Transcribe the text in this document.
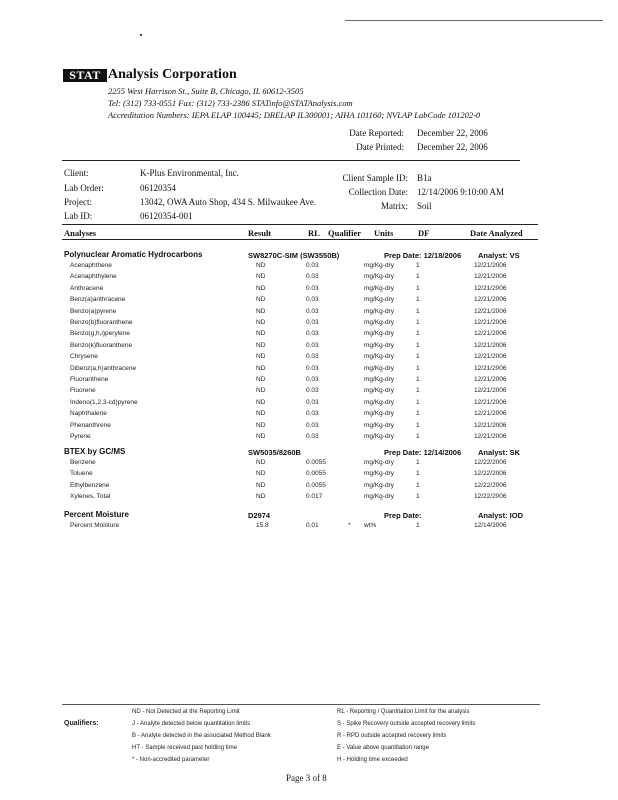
STAT Analysis Corporation
2255 West Harrison St., Suite B, Chicago, IL 60612-3505
Tel: (312) 733-0551 Fax: (312) 733-2386 STATinfo@STATAnalysis.com
Accreditation Numbers: IEPA ELAP 100445; DRELAP IL300001; AIHA 101160; NVLAP LabCode 101202-0
Date Reported: December 22, 2006
Date Printed: December 22, 2006
Client:	K-Plus Environmental, Inc.
Lab Order:	06120354
Project:	13042, OWA Auto Shop, 434 S. Milwaukee Ave.
Lab ID:	06120354-001
Client Sample ID: B1a
Collection Date: 12/14/2006 9:10:00 AM
Matrix: Soil
Analyses	Result	RL Qualifier Units	DF	Date Analyzed
Polynuclear Aromatic Hydrocarbons	SW8270C-SIM (SW3550B)	Prep Date: 12/18/2006 Analyst: VS
Acenaphthene	ND	0.03	mg/Kg-dry	1	12/21/2006
Acenaphthylene	ND	0.03	mg/Kg-dry	1	12/21/2006
Anthracene	ND	0.03	mg/Kg-dry	1	12/21/2006
Benz(a)anthracene	ND	0.03	mg/Kg-dry	1	12/21/2006
Benzo(a)pyrene	ND	0.03	mg/Kg-dry	1	12/21/2006
Benzo(b)fluoranthene	ND	0.03	mg/Kg-dry	1	12/21/2006
Benzo(g,h,i)perylene	ND	0.03	mg/Kg-dry	1	12/21/2006
Benzo(k)fluoranthene	ND	0.03	mg/Kg-dry	1	12/21/2006
Chrysene	ND	0.03	mg/Kg-dry	1	12/21/2006
Dibenz(a,h)anthracene	ND	0.03	mg/Kg-dry	1	12/21/2006
Fluoranthene	ND	0.03	mg/Kg-dry	1	12/21/2006
Fluorene	ND	0.03	mg/Kg-dry	1	12/21/2006
Indeno(1,2,3-cd)pyrene	ND	0.03	mg/Kg-dry	1	12/21/2006
Naphthalene	ND	0.03	mg/Kg-dry	1	12/21/2006
Phenanthrene	ND	0.03	mg/Kg-dry	1	12/21/2006
Pyrene	ND	0.03	mg/Kg-dry	1	12/21/2006
BTEX by GC/MS	SW5035/8260B	Prep Date: 12/14/2006 Analyst: SK
Benzene	ND	0.0055	mg/Kg-dry	1	12/22/2006
Toluene	ND	0.0055	mg/Kg-dry	1	12/22/2006
Ethylbenzene	ND	0.0055	mg/Kg-dry	1	12/22/2006
Xylenes, Total	ND	0.017	mg/Kg-dry	1	12/22/2006
Percent Moisture	D2974	Prep Date:	Analyst: IOD
Percent Moisture	15.8	0.01	* wt%	1	12/14/2006
Qualifiers:
ND - Not Detected at the Reporting Limit
J - Analyte detected below quantitation limits
B - Analyte detected in the associated Method Blank
HT - Sample received past holding time
* - Non-accredited parameter
RL - Reporting / Quantitation Limit for the analysis
S - Spike Recovery outside accepted recovery limits
R - RPD outside accepted recovery limits
E - Value above quantitation range
H - Holding time exceeded
Page 3 of 8
